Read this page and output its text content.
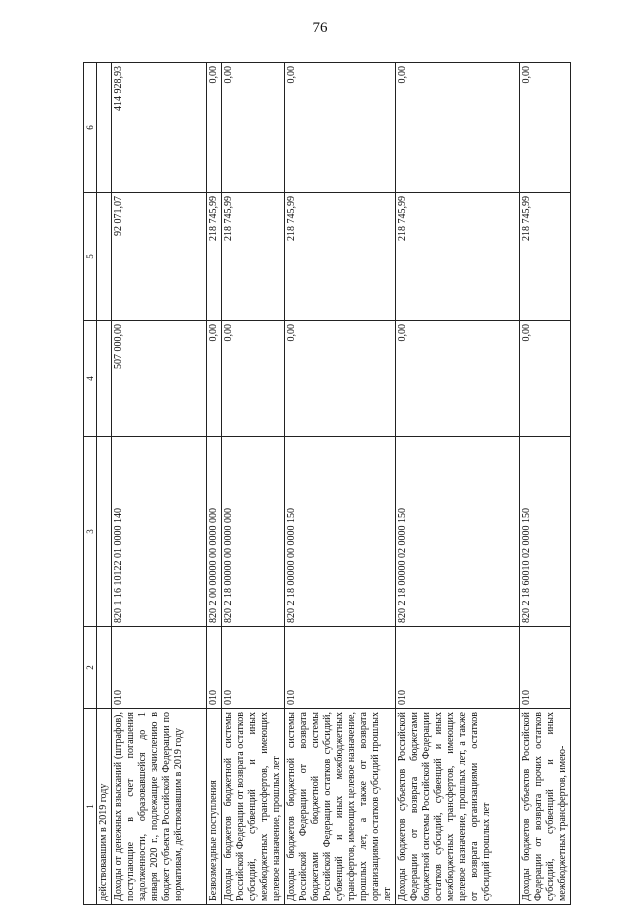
76
1	2	3	4	5	6
действовавшим в 2019 году					
Доходы от денежных взысканий (штрафов), поступающие в счет погашения задолженности, образовавшейся до 1 января 2020 г., подлежащие зачислению в бюджет субъекта Российской Федерации по нормативам, действовавшим в 2019 году	010	820 1 16 10122 01 0000 140	507 000,00	92 071,07	414 928,93
Безвозмездные поступления	010	820 2 00 00000 00 0000 000	0,00	218 745,99	0,00
Доходы бюджетов бюджетной системы Российской Федерации от возврата остатков субсидий, субвенций и иных межбюджетных трансфертов, имеющих целевое назначение, прошлых лет	010	820 2 18 00000 00 0000 000	0,00	218 745,99	0,00
Доходы бюджетов бюджетной системы Российской Федерации от возврата бюджетами бюджетной системы Российской Федерации остатков субсидий, субвенций и иных межбюджетных трансфертов, имеющих целевое назначение, прошлых лет, а также от возврата организациями остатков субсидий прошлых лет	010	820 2 18 00000 00 0000 150	0,00	218 745,99	0,00
Доходы бюджетов субъектов Российской Федерации от возврата бюджетами бюджетной системы Российской Федерации остатков субсидий, субвенций и иных межбюджетных трансфертов, имеющих целевое назначение, прошлых лет, а также от возврата организациями остатков субсидий прошлых лет	010	820 2 18 00000 02 0000 150	0,00	218 745,99	0,00
Доходы бюджетов субъектов Российской Федерации от возврата прочих остатков субсидий, субвенций и иных межбюджетных трансфертов, имею-	010	820 2 18 60010 02 0000 150	0,00	218 745,99	0,00
